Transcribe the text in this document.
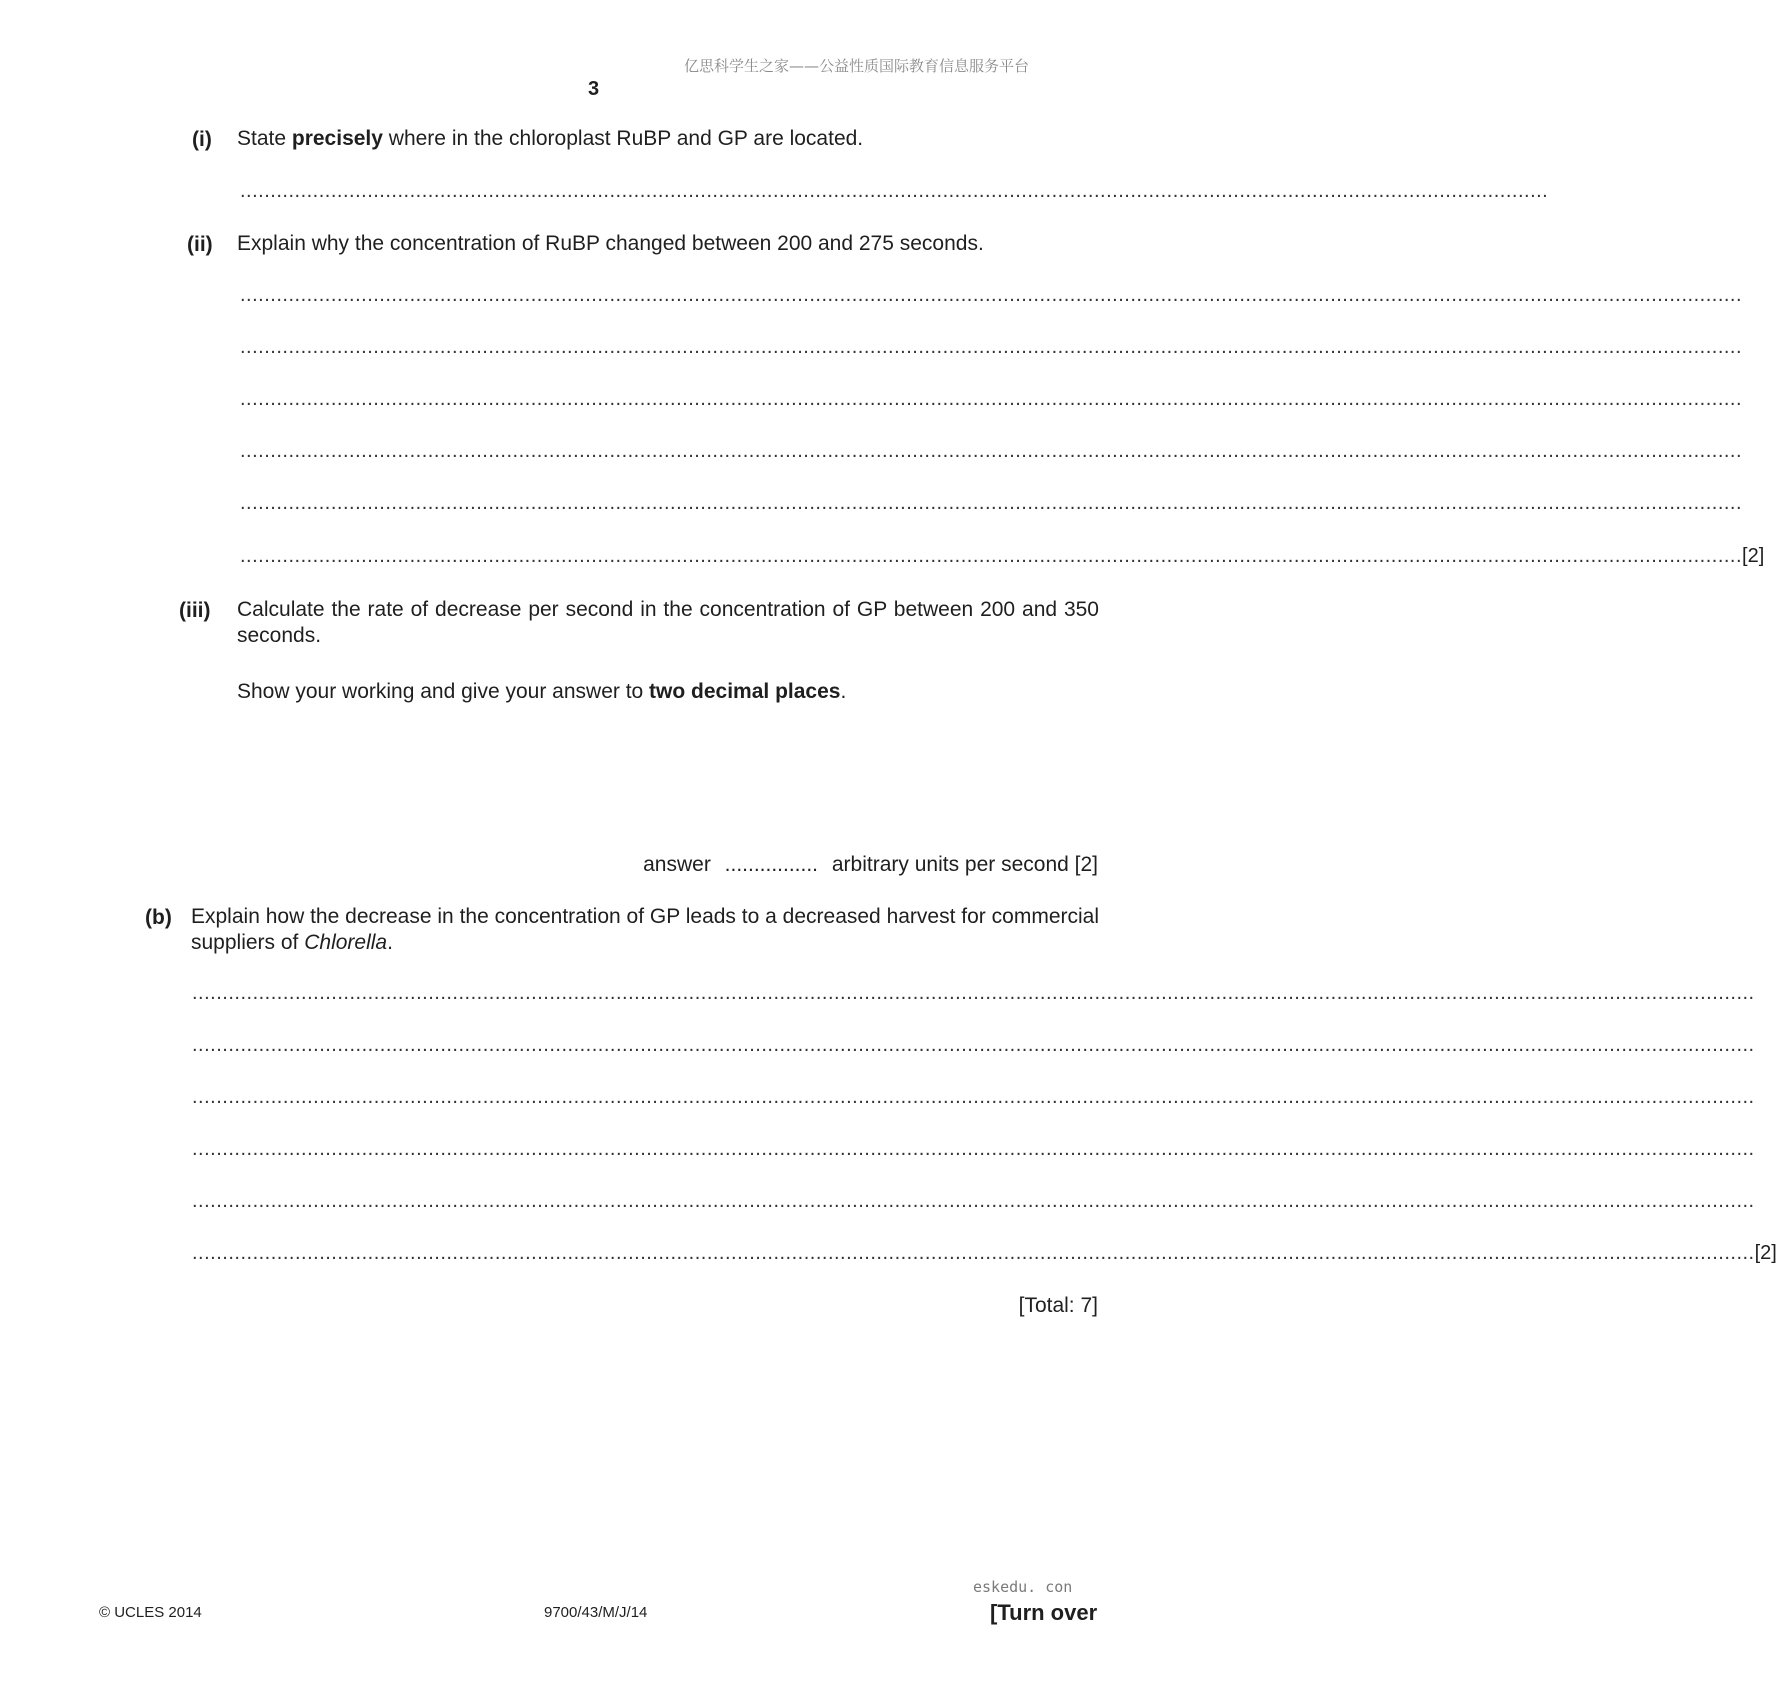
亿思科学生之家——公益性质国际教育信息服务平台
3
(i) State precisely where in the chloroplast RuBP and GP are located.
........................................................................................................................................................................................................................
(ii) Explain why the concentration of RuBP changed between 200 and 275 seconds.
........................................................................................................................................................................................................................................................
........................................................................................................................................................................................................................................................
........................................................................................................................................................................................................................................................
........................................................................................................................................................................................................................................................
........................................................................................................................................................................................................................................................
........................................................................................................................................................................................................................................................ [2]
(iii) Calculate the rate of decrease per second in the concentration of GP between 200 and 350 seconds.
Show your working and give your answer to two decimal places.
answer ................ arbitrary units per second [2]
(b) Explain how the decrease in the concentration of GP leads to a decreased harvest for commercial suppliers of Chlorella.
..................................................................................................................................................................................................................................................................
..................................................................................................................................................................................................................................................................
..................................................................................................................................................................................................................................................................
..................................................................................................................................................................................................................................................................
..................................................................................................................................................................................................................................................................
.................................................................................................................................................................................................................................................................. [2]
[Total: 7]
eskedu. con
© UCLES 2014	9700/43/M/J/14	[Turn over
